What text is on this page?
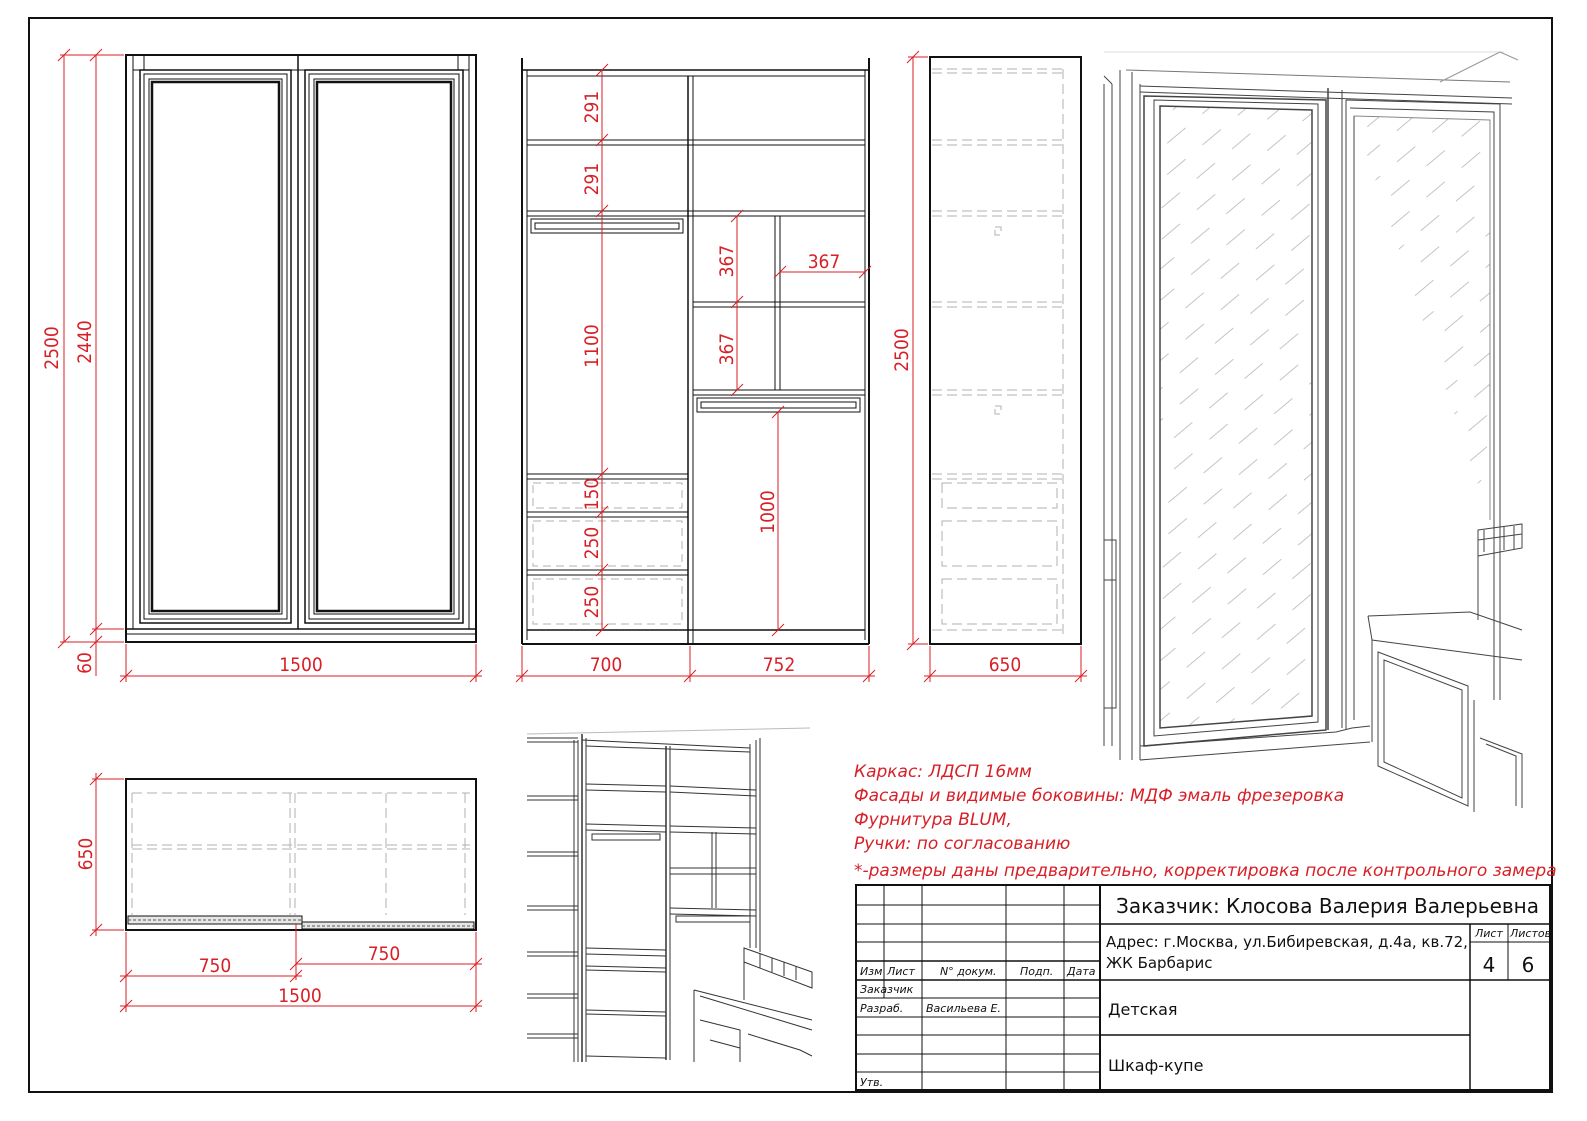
2500 2440
60	1500
291
291
1100
150
250
250
367
367
367
1000
700	752
2500
650
650
750
750
1500
Каркас: ЛДСП 16мм
Фасады и видимые боковины: МДФ эмаль фрезеровка
Фурнитура BLUM,
Ручки: по согласованию
*-размеры даны предварительно, корректировка после контрольного замера
Заказчик: Клосова Валерия Валерьевна
Адрес: г.Москва, ул.Бибиревская, д.4а, кв.72,
ЖК Барбарис
Изм Лист N° докум. Подп. Дата
Заказчик
Разраб. Васильева Е.
Утв.
Лист Листов
4 6
Детская
Шкаф-купе
